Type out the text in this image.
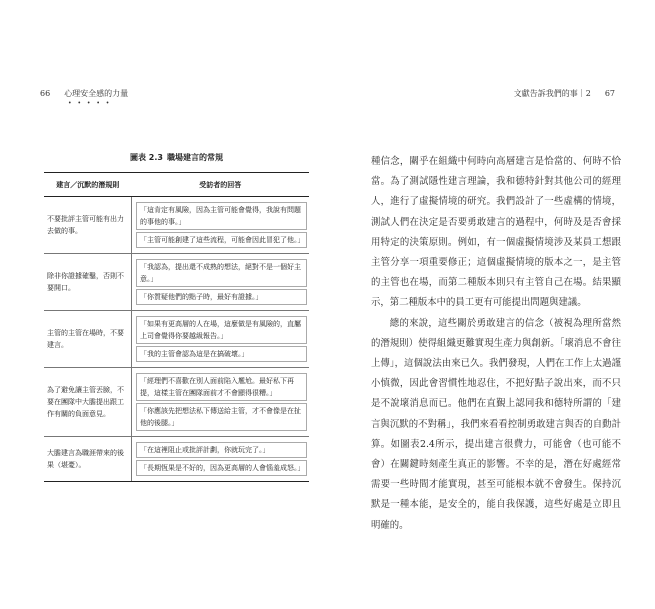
66 心理安全感的力量
• • • • •
文獻告訴我們的事｜2 67
圖表 2.3 職場建言的常規
建言／沉默的潛規則	受訪者的回答
不要批評主管可能有出力去做的事。	「這肯定有風險，因為主管可能會覺得，我說有問題的事他的事。」
「主管可能創建了這些流程，可能會因此冒犯了他。」

除非你證據確鑿，否則不要開口。	「我認為，提出還不成熟的想法，絕對不是一個好主意。」
「你質疑他們的點子時，最好有證據。」

主管的主管在場時，不要建言。	「如果有更高層的人在場，這麼做是有風險的，直屬上司會覺得你要越級報告。」
「我的主管會認為這是在搞破壞。」

為了避免讓主管丟臉，不要在團隊中大膽提出跟工作有關的負面意見。	「經理們不喜歡在別人面前陷入尷尬。最好私下再提，這樣主管在團隊面前才不會顯得很糟。」
「你應該先把想法私下傳送給主管，才不會像是在扯他的後腿。」

大膽建言為職涯帶來的後果（堪憂）。	「在這裡阻止或批評計劃，你就玩完了。」
「長期恆果是不好的，因為更高層的人會惱羞成怒。」

種信念，關乎在組織中何時向高層建言是恰當的、何時不恰當。為了測試隱性建言理論，我和德特針對其他公司的經理人，進行了虛擬情境的研究。我們設計了一些虛構的情境，測試人們在決定是否要勇敢建言的過程中，何時及是否會採用特定的決策原則。例如，有一個虛擬情境涉及某員工想跟主管分享一項重要修正；這個虛擬情境的版本之一，是主管的主管也在場，而第二種版本則只有主管自己在場。結果顯示，第二種版本中的員工更有可能提出問題與建議。

總的來說，這些關於勇敢建言的信念（被視為理所當然的潛規則）使得組織更難實現生產力與創新。「壞消息不會往上傳」，這個說法由來已久。我們發現，人們在工作上太過謹小慎微，因此會習慣性地忍住，不把好點子說出來，而不只是不說壞消息而已。他們在直覲上認同我和德特所謂的「建言與沉默的不對稱」，我們來看看控制勇敢建言與否的自動計算。如圖表2.4所示，提出建言很費力，可能會（也可能不會）在關鍵時刻產生真正的影響。不幸的是，潛在好處經常需要一些時間才能實現，甚至可能根本就不會發生。保持沉默是一種本能，是安全的，能自我保護，這些好處是立即且明確的。
